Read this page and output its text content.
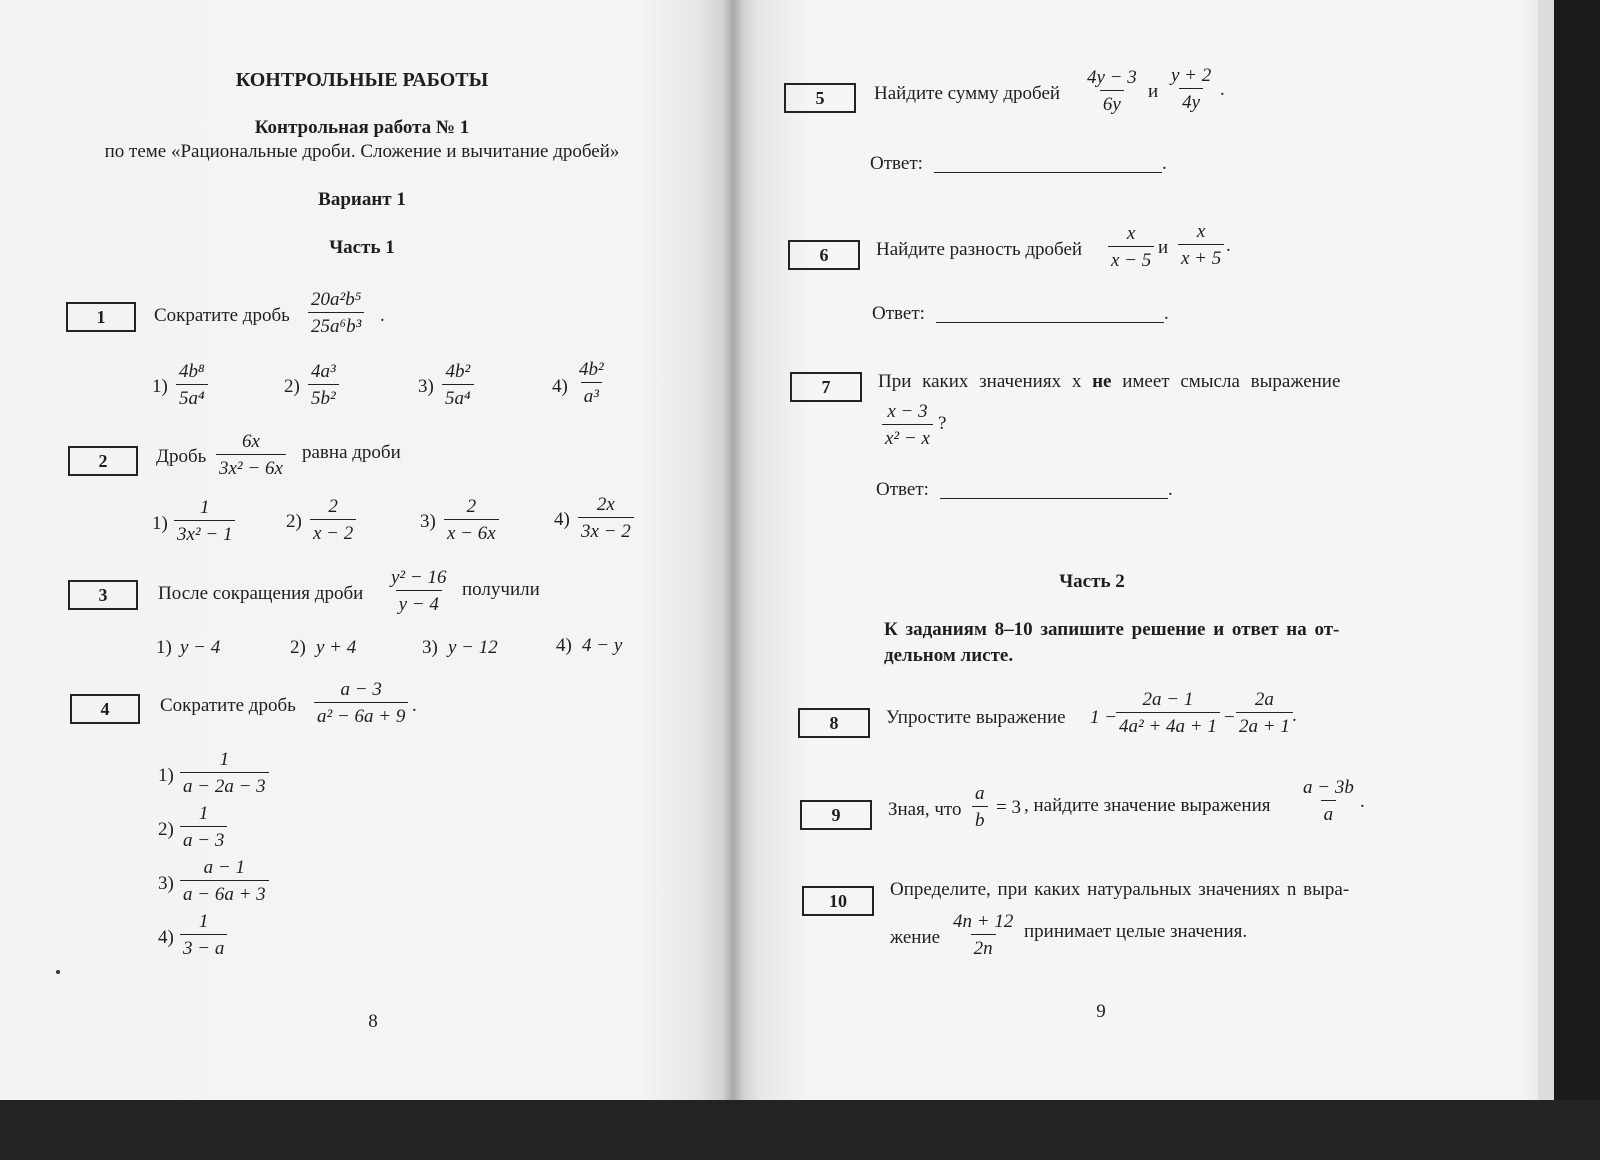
КОНТРОЛЬНЫЕ РАБОТЫ
Контрольная работа № 1
по теме «Рациональные дроби. Сложение и вычитание дробей»
Вариант 1
Часть 1
1	Сократите дробь $\frac{\text{20a²b⁵}}{\text{25a⁶b³}}$ .
$1) \frac{\text{4b⁸}}{\text{5a⁴}}$	$2) \frac{\text{4a³}}{\text{5b²}}$	$3) \frac{\text{4b²}}{\text{5a⁴}}$	$4) \frac{\text{4b²}}{\text{a³}}$
2	Дробь $\frac{6x}{\text{3x² − 6x}}$ равна дроби
$1) \frac{1}{\text{3x² − 1}}$	$2) \frac{2}{x - 2}$	$3) \frac{2}{x - 6x}$	$4) \frac{2x}{3x - 2}$
3	После сокращения дроби $\frac{\text{y² − 16}}{y - 4}$ получили
1) y − 4	2) y + 4	3) y − 12	4) 4 − y
4	Сократите дробь $\frac{a - 3}{\text{a² − 6a + 9}}$ .
$1) \frac{1}{a - 2a - 3}$
$2) \frac{1}{a - 3}$
$3) \frac{a - 1}{a - 6a + 3}$
$4) \frac{1}{3 - a}$
8
5	Найдите сумму дробей $\frac{4y - 3}{6y}$ и $\frac{y + 2}{4y}$ .
Ответ:	.
6	Найдите разность дробей $\frac{x}{x - 5}$ и $\frac{x}{x + 5}$ .
Ответ:	.
7	При каких значениях x не имеет смысла выражение
$\frac{x - 3}{\text{x² − x}}$ ?
Ответ:	.
Часть 2
К заданиям 8–10 запишите решение и ответ на от-
дельном листе.
8	Упростите выражение 1 −
$\frac{2a - 1}{\text{4a² + 4a + 1}} - \frac{2a}{2a + 1}$ .
9	Зная, что $\frac{a}{b} = 3$ , найдите значение выражения $\frac{a - 3b}{a}$ .
10
Определите, при каких натуральных значениях n выра-
жение $\frac{4n + 12}{2n}$ принимает целые значения.
9
